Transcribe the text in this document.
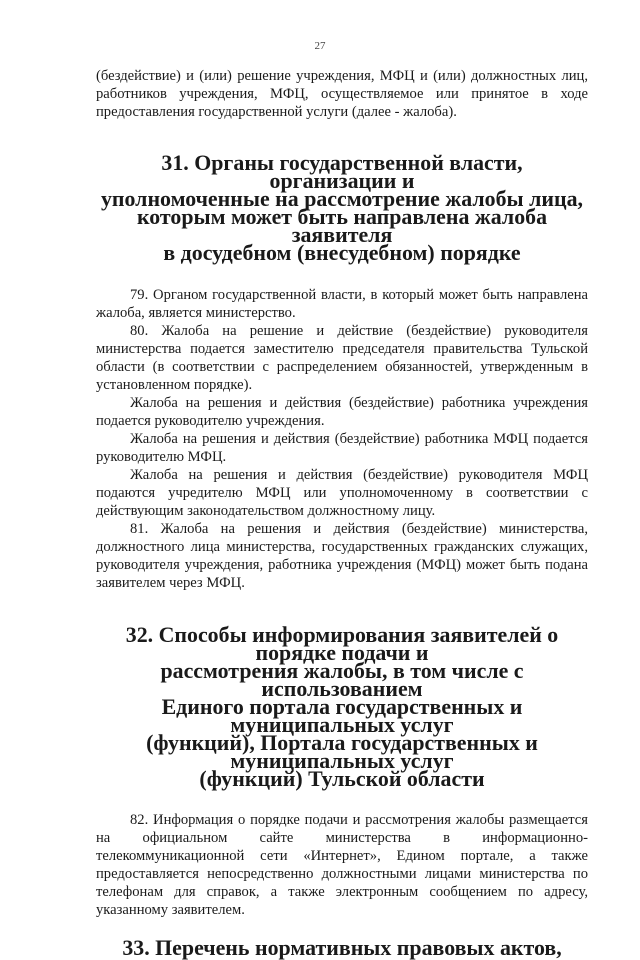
27

(бездействие) и (или) решение учреждения, МФЦ и (или) должностных лиц, работников учреждения, МФЦ, осуществляемое или принятое в ходе предоставления государственной услуги (далее - жалоба).

31. Органы государственной власти, организации и
уполномоченные на рассмотрение жалобы лица,
которым может быть направлена жалоба заявителя
в досудебном (внесудебном) порядке

79. Органом государственной власти, в который может быть направлена жалоба, является министерство.

80. Жалоба на решение и действие (бездействие) руководителя министерства подается заместителю председателя правительства Тульской области (в соответствии с распределением обязанностей, утвержденным в установленном порядке).

Жалоба на решения и действия (бездействие) работника учреждения подается руководителю учреждения.

Жалоба на решения и действия (бездействие) работника МФЦ подается руководителю МФЦ.

Жалоба на решения и действия (бездействие) руководителя МФЦ подаются учредителю МФЦ или уполномоченному в соответствии с действующим законодательством должностному лицу.

81. Жалоба на решения и действия (бездействие) министерства, должностного лица министерства, государственных гражданских служащих, руководителя учреждения, работника учреждения (МФЦ) может быть подана заявителем через МФЦ.

32. Способы информирования заявителей о порядке подачи и
рассмотрения жалобы, в том числе с использованием
Единого портала государственных и муниципальных услуг
(функций), Портала государственных и муниципальных услуг
(функций) Тульской области

82. Информация о порядке подачи и рассмотрения жалобы размещается на официальном сайте министерства в информационно-телекоммуникационной сети «Интернет», Едином портале, а также предоставляется непосредственно должностными лицами министерства по телефонам для справок, а также электронным сообщением по адресу, указанному заявителем.

33. Перечень нормативных правовых актов,
